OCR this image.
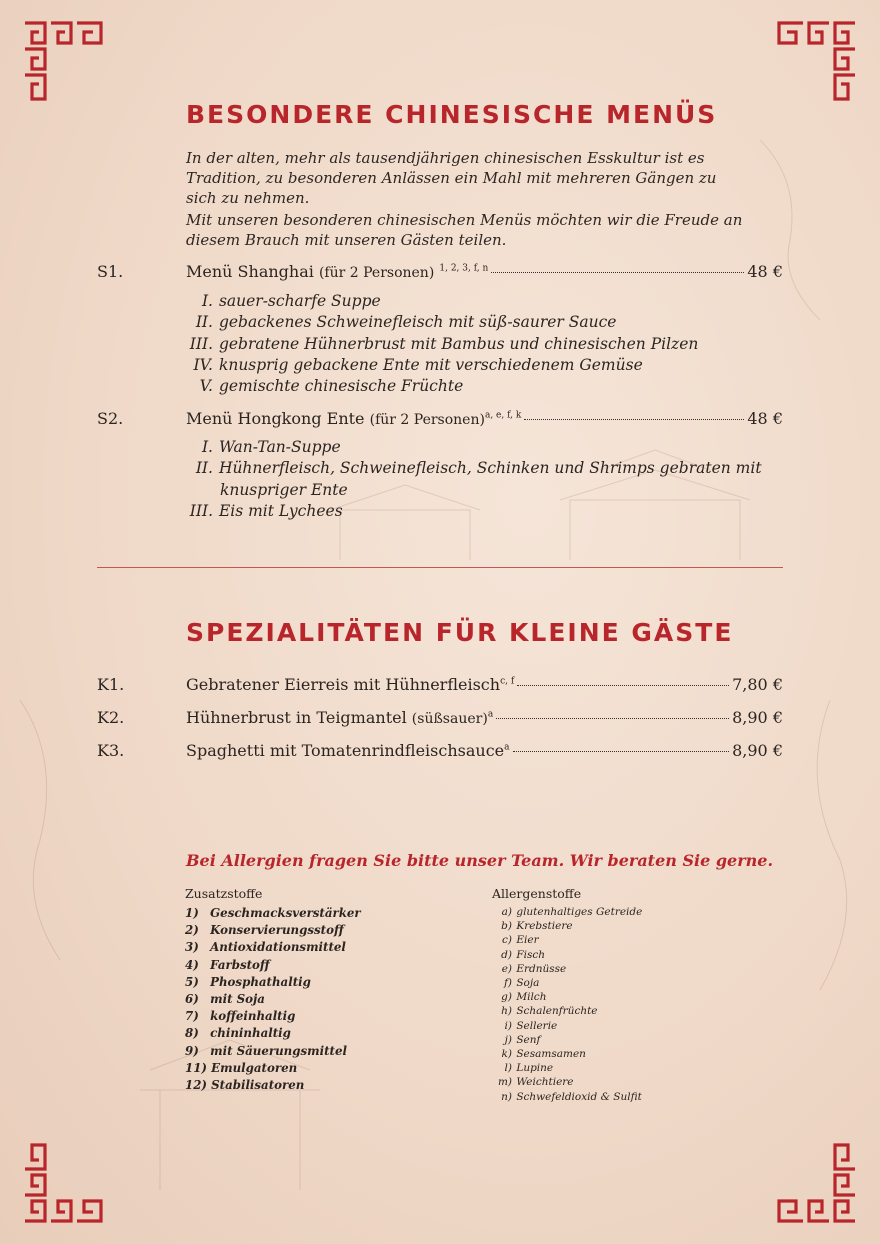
BESONDERE CHINESISCHE MENÜS

In der alten, mehr als tausendjährigen chinesischen Esskultur ist es Tradition, zu besonderen Anlässen ein Mahl mit mehreren Gängen zu sich zu nehmen.

Mit unseren besonderen chinesischen Menüs möchten wir die Freude an diesem Brauch mit unseren Gästen teilen.

S1.	Menü Shanghai (für 2 Personen) $^{1, 2, 3, f, n}$	48 €
I.
sauer-scharfe Suppe
II.
gebackenes Schweinefleisch mit süß-saurer Sauce
III.
gebratene Hühnerbrust mit Bambus und chinesischen Pilzen
IV.
knusprig gebackene Ente mit verschiedenem Gemüse
V.
gemischte chinesische Früchte
S2.	Menü Hongkong Ente (für 2 Personen)$^{a, e, f, k}$	48 €
I.
Wan-Tan-Suppe
II.
Hühnerfleisch, Schweinefleisch, Schinken und Shrimps gebraten mit

knuspriger Ente
III.
Eis mit Lychees
SPEZIALITÄTEN FÜR KLEINE GÄSTE
K1.	Gebratener Eierreis mit Hühnerfleisch$^{c, f}$	7,80 €
K2.	Hühnerbrust in Teigmantel (süßsauer)$^a$	8,90 €
K3.	Spaghetti mit Tomatenrindfleischsauce$^a$	8,90 €
Bei Allergien fragen Sie bitte unser Team. Wir beraten Sie gerne.
Zusatzstoffe	Allergenstoffe
1)
Geschmacksverstärker
2)
Konservierungsstoff
3)
Antioxidationsmittel
4)
Farbstoff
5)
Phosphathaltig
6)
mit Soja
7)
koffeinhaltig
8)
chininhaltig
9)
mit Säuerungsmittel
11)
Emulgatoren
12)
Stabilisatoren
a)
glutenhaltiges Getreide
b)
Krebstiere
c)
Eier
d)
Fisch
e)
Erdnüsse
f)
Soja
g)
Milch
h)
Schalenfrüchte
i)
Sellerie
j)
Senf
k)
Sesamsamen
l)
Lupine
m)
Weichtiere
n)
Schwefeldioxid & Sulfit
